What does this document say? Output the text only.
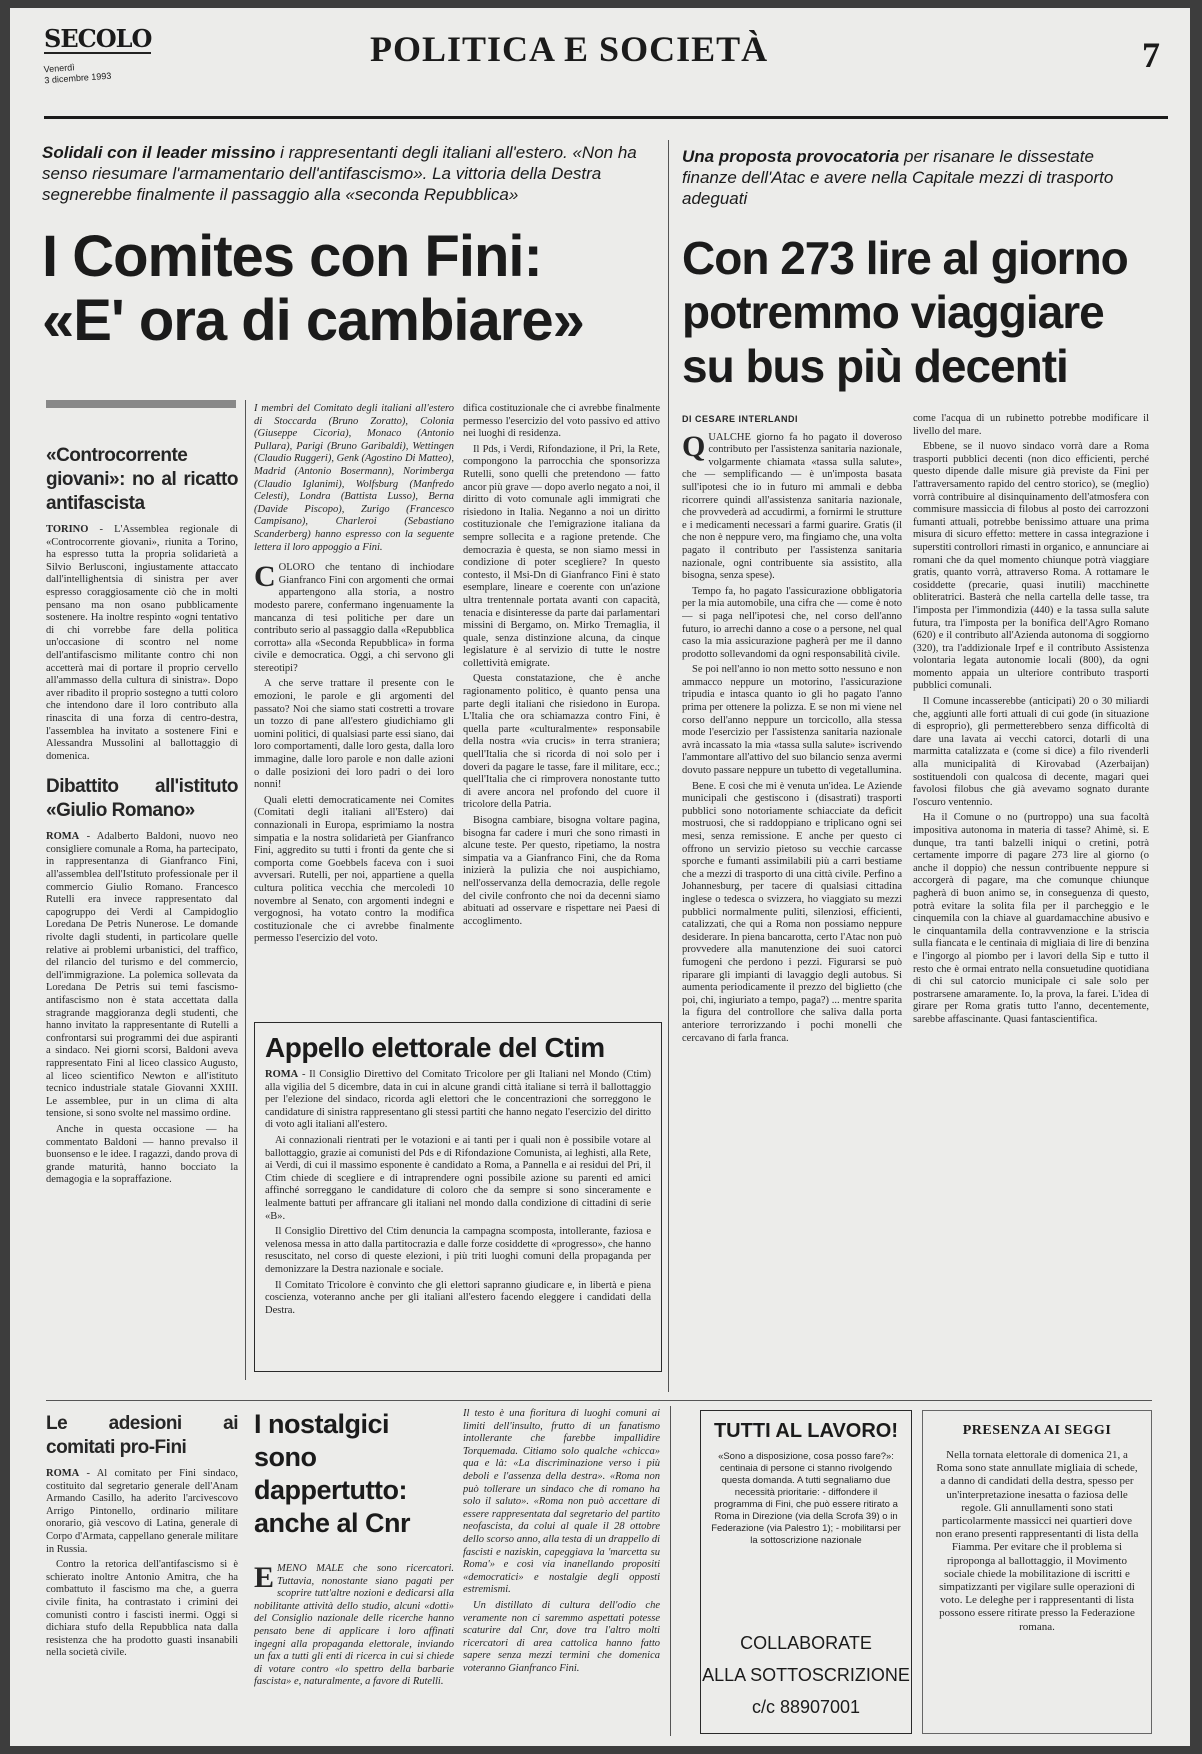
SECOLO
Venerdì
3 dicembre 1993
POLITICA E SOCIETÀ	7
Solidali con il leader missino i rappresentanti degli italiani all'estero. «Non ha senso riesumare l'armamentario dell'antifascismo». La vittoria della Destra segnerebbe finalmente il passaggio alla «seconda Repubblica»
I Comites con Fini:
«E' ora di cambiare»
Una proposta provocatoria per risanare le dissestate finanze dell'Atac e avere nella Capitale mezzi di trasporto adeguati
Con 273 lire al giorno
potremmo viaggiare
su bus più decenti
«Controcorrente giovani»: no al ricatto antifascista

TORINO - L'Assemblea regionale di «Controcorrente giovani», riunita a Torino, ha espresso tutta la propria solidarietà a Silvio Berlusconi, ingiustamente attaccato dall'intellighentsia di sinistra per aver espresso coraggiosamente ciò che in molti pensano ma non osano pubblicamente sostenere. Ha inoltre respinto «ogni tentativo di chi vorrebbe fare della politica un'occasione di scontro nel nome dell'antifascismo militante contro chi non accetterà mai di portare il proprio cervello all'ammasso della cultura di sinistra». Dopo aver ribadito il proprio sostegno a tutti coloro che intendono dare il loro contributo alla rinascita di una forza di centro-destra, l'assemblea ha invitato a sostenere Fini e Alessandra Mussolini al ballottaggio di domenica.

Dibattito all'istituto «Giulio Romano»

ROMA - Adalberto Baldoni, nuovo neo consigliere comunale a Roma, ha partecipato, in rappresentanza di Gianfranco Fini, all'assemblea dell'Istituto professionale per il commercio Giulio Romano. Francesco Rutelli era invece rappresentato dal capogruppo dei Verdi al Campidoglio Loredana De Petris Nunerose. Le domande rivolte dagli studenti, in particolare quelle relative ai problemi urbanistici, del traffico, del rilancio del turismo e del commercio, dell'immigrazione. La polemica sollevata da Loredana De Petris sui temi fascismo-antifascismo non è stata accettata dalla stragrande maggioranza degli studenti, che hanno invitato la rappresentante di Rutelli a confrontarsi sui programmi dei due aspiranti a sindaco. Nei giorni scorsi, Baldoni aveva rappresentato Fini al liceo classico Augusto, al liceo scientifico Newton e all'istituto tecnico industriale statale Giovanni XXIII. Le assemblee, pur in un clima di alta tensione, si sono svolte nel massimo ordine.

Anche in questa occasione — ha commentato Baldoni — hanno prevalso il buonsenso e le idee. I ragazzi, dando prova di grande maturità, hanno bocciato la demagogia e la sopraffazione.

I membri del Comitato degli italiani all'estero di Stoccarda (Bruno Zoratto), Colonia (Giuseppe Cicoria), Monaco (Antonio Pullara), Parigi (Bruno Garibaldi), Wettingen (Claudio Ruggeri), Genk (Agostino Di Matteo), Madrid (Antonio Bosermann), Norimberga (Claudio Iglanimi), Wolfsburg (Manfredo Celesti), Londra (Battista Lusso), Berna (Davide Piscopo), Zurigo (Francesco Campisano), Charleroi (Sebastiano Scanderberg) hanno espresso con la seguente lettera il loro appoggio a Fini.

COLORO che tentano di inchiodare Gianfranco Fini con argomenti che ormai appartengono alla storia, a nostro modesto parere, confermano ingenuamente la mancanza di tesi politiche per dare un contributo serio al passaggio dalla «Repubblica corrotta» alla «Seconda Repubblica» in forma civile e democratica. Oggi, a chi servono gli stereotipi?

A che serve trattare il presente con le emozioni, le parole e gli argomenti del passato? Noi che siamo stati costretti a trovare un tozzo di pane all'estero giudichiamo gli uomini politici, di qualsiasi parte essi siano, dai loro comportamenti, dalle loro gesta, dalla loro immagine, dalle loro parole e non dalle azioni o dalle posizioni dei loro padri o dei loro nonni!

Quali eletti democraticamente nei Comites (Comitati degli italiani all'Estero) dai connazionali in Europa, esprimiamo la nostra simpatia e la nostra solidarietà per Gianfranco Fini, aggredito su tutti i fronti da gente che si comporta come Goebbels faceva con i suoi avversari. Rutelli, per noi, appartiene a quella cultura politica vecchia che mercoledì 10 novembre al Senato, con argomenti indegni e vergognosi, ha votato contro la modifica costituzionale che ci avrebbe finalmente permesso l'esercizio del voto.

difica costituzionale che ci avrebbe finalmente permesso l'esercizio del voto passivo ed attivo nei luoghi di residenza.

Il Pds, i Verdi, Rifondazione, il Pri, la Rete, compongono la parrocchia che sponsorizza Rutelli, sono quelli che pretendono — fatto ancor più grave — dopo averlo negato a noi, il diritto di voto comunale agli immigrati che risiedono in Italia. Neganno a noi un diritto costituzionale che l'emigrazione italiana da sempre sollecita e a ragione pretende. Che democrazia è questa, se non siamo messi in condizione di poter scegliere? In questo contesto, il Msi-Dn di Gianfranco Fini è stato esemplare, lineare e coerente con un'azione ultra trentennale portata avanti con capacità, tenacia e disinteresse da parte dai parlamentari missini di Bergamo, on. Mirko Tremaglia, il quale, senza distinzione alcuna, da cinque legislature è al servizio di tutte le nostre collettività emigrate.

Questa constatazione, che è anche ragionamento politico, è quanto pensa una parte degli italiani che risiedono in Europa. L'Italia che ora schiamazza contro Fini, è quella parte «culturalmente» responsabile della nostra «via crucis» in terra straniera; quell'Italia che si ricorda di noi solo per i doveri da pagare le tasse, fare il militare, ecc.; quell'Italia che ci rimprovera nonostante tutto di avere ancora nel profondo del cuore il tricolore della Patria.

Bisogna cambiare, bisogna voltare pagina, bisogna far cadere i muri che sono rimasti in alcune teste. Per questo, ripetiamo, la nostra simpatia va a Gianfranco Fini, che da Roma inizierà la pulizia che noi auspichiamo, nell'osservanza della democrazia, delle regole del civile confronto che noi da decenni siamo abituati ad osservare e rispettare nei Paesi di accoglimento.

Appello elettorale del Ctim

ROMA - Il Consiglio Direttivo del Comitato Tricolore per gli Italiani nel Mondo (Ctim) alla vigilia del 5 dicembre, data in cui in alcune grandi città italiane si terrà il ballottaggio per l'elezione del sindaco, ricorda agli elettori che le concentrazioni che sorreggono le candidature di sinistra rappresentano gli stessi partiti che hanno negato l'esercizio del diritto di voto agli italiani all'estero.

Ai connazionali rientrati per le votazioni e ai tanti per i quali non è possibile votare al ballottaggio, grazie ai comunisti del Pds e di Rifondazione Comunista, ai leghisti, alla Rete, ai Verdi, di cui il massimo esponente è candidato a Roma, a Pannella e ai residui del Pri, il Ctim chiede di scegliere e di intraprendere ogni possibile azione su parenti ed amici affinché sorreggano le candidature di coloro che da sempre si sono sinceramente e lealmente battuti per affrancare gli italiani nel mondo dalla condizione di cittadini di serie «B».

Il Consiglio Direttivo del Ctim denuncia la campagna scomposta, intollerante, faziosa e velenosa messa in atto dalla partitocrazia e dalle forze cosiddette di «progresso», che hanno resuscitato, nel corso di queste elezioni, i più triti luoghi comuni della propaganda per demonizzare la Destra nazionale e sociale.

Il Comitato Tricolore è convinto che gli elettori sapranno giudicare e, in libertà e piena coscienza, voteranno anche per gli italiani all'estero facendo eleggere i candidati della Destra.

DI CESARE INTERLANDI

QUALCHE giorno fa ho pagato il doveroso contributo per l'assistenza sanitaria nazionale, volgarmente chiamata «tassa sulla salute», che — semplificando — è un'imposta basata sull'ipotesi che io in futuro mi ammali e debba ricorrere quindi all'assistenza sanitaria nazionale, che provvederà ad accudirmi, a fornirmi le strutture e i medicamenti necessari a farmi guarire. Gratis (il che non è neppure vero, ma fingiamo che, una volta pagato il contributo per l'assistenza sanitaria nazionale, ogni contribuente sia assistito, alla bisogna, senza spese).

Tempo fa, ho pagato l'assicurazione obbligatoria per la mia automobile, una cifra che — come è noto — si paga nell'ipotesi che, nel corso dell'anno futuro, io arrechi danno a cose o a persone, nel qual caso la mia assicurazione pagherà per me il danno prodotto sollevandomi da ogni responsabilità civile.

Se poi nell'anno io non metto sotto nessuno e non ammacco neppure un motorino, l'assicurazione tripudia e intasca quanto io gli ho pagato l'anno prima per ottenere la polizza. E se non mi viene nel corso dell'anno neppure un torcicollo, alla stessa mode l'esercizio per l'assistenza sanitaria nazionale avrà incassato la mia «tassa sulla salute» iscrivendo l'ammontare all'attivo del suo bilancio senza avermi dovuto passare neppure un tubetto di vegetallumina.

Bene. E così che mi è venuta un'idea. Le Aziende municipali che gestiscono i (disastrati) trasporti pubblici sono notoriamente schiacciate da deficit mostruosi, che si raddoppiano e triplicano ogni sei mesi, senza remissione. E anche per questo ci offrono un servizio pietoso su vecchie carcasse sporche e fumanti assimilabili più a carri bestiame che a mezzi di trasporto di una città civile. Perfino a Johannesburg, per tacere di qualsiasi cittadina inglese o tedesca o svizzera, ho viaggiato su mezzi pubblici normalmente puliti, silenziosi, efficienti, catalizzati, che qui a Roma non possiamo neppure desiderare. In piena bancarotta, certo l'Atac non può provvedere alla manutenzione dei suoi catorci fumogeni che perdono i pezzi. Figurarsi se può riparare gli impianti di lavaggio degli autobus. Si aumenta periodicamente il prezzo del biglietto (che poi, chi, ingiuriato a tempo, paga?) ... mentre sparita la figura del controllore che saliva dalla porta anteriore terrorizzando i pochi monelli che cercavano di farla franca.

come l'acqua di un rubinetto potrebbe modificare il livello del mare.

Ebbene, se il nuovo sindaco vorrà dare a Roma trasporti pubblici decenti (non dico efficienti, perché questo dipende dalle misure già previste da Fini per l'attraversamento rapido del centro storico), se (meglio) vorrà contribuire al disinquinamento dell'atmosfera con commisure massiccia di filobus al posto dei carrozzoni fumanti attuali, potrebbe benissimo attuare una prima misura di sicuro effetto: mettere in cassa integrazione i superstiti controllori rimasti in organico, e annunciare ai romani che da quel momento chiunque potrà viaggiare gratis, quanto vorrà, attraverso Roma. A rottamare le cosiddette (precarie, quasi inutili) macchinette obliteratrici. Basterà che nella cartella delle tasse, tra l'imposta per l'immondizia (440) e la tassa sulla salute futura, tra l'imposta per la bonifica dell'Agro Romano (620) e il contributo all'Azienda autonoma di soggiorno (320), tra l'addizionale Irpef e il contributo Assistenza volontaria legata autonomie locali (800), da ogni momento appaia un ulteriore contributo trasporti pubblici comunali.

Il Comune incasserebbe (anticipati) 20 o 30 miliardi che, aggiunti alle forti attuali di cui gode (in situazione di esproprio), gli permetterebbero senza difficoltà di dare una lavata ai vecchi catorci, dotarli di una marmitta catalizzata e (come si dice) a filo rivenderli alla municipalità di Kirovabad (Azerbaijan) sostituendoli con qualcosa di decente, magari quei favolosi filobus che già avevamo sognato durante l'oscuro ventennio.

Ha il Comune o no (purtroppo) una sua facoltà impositiva autonoma in materia di tasse? Ahimè, sì. E dunque, tra tanti balzelli iniqui o cretini, potrà certamente imporre di pagare 273 lire al giorno (o anche il doppio) che nessun contribuente neppure si accorgerà di pagare, ma che comunque chiunque pagherà di buon animo se, in conseguenza di questo, potrà evitare la solita fila per il parcheggio e le cinquemila con la chiave al guardamacchine abusivo e le cinquantamila della contravvenzione e la striscia sulla fiancata e le centinaia di migliaia di lire di benzina e l'ingorgo al piombo per i lavori della Sip e tutto il resto che è ormai entrato nella consuetudine quotidiana di chi sul catorcio municipale ci sale solo per postrarsene amaramente. Io, la prova, la farei. L'idea di girare per Roma gratis tutto l'anno, decentemente, sarebbe affascinante. Quasi fantascientifica.

Le adesioni ai comitati pro-Fini

ROMA - Al comitato per Fini sindaco, costituito dal segretario generale dell'Anam Armando Casillo, ha aderito l'arcivescovo Arrigo Pintonello, ordinario militare onorario, già vescovo di Latina, generale di Corpo d'Armata, cappellano generale militare in Russia.

Contro la retorica dell'antifascismo si è schierato inoltre Antonio Amitra, che ha combattuto il fascismo ma che, a guerra civile finita, ha contrastato i crimini dei comunisti contro i fascisti inermi. Oggi si dichiara stufo della Repubblica nata dalla resistenza che ha prodotto guasti insanabili nella società civile.

I nostalgici
sono
dappertutto:
anche al Cnr

EMENO MALE che sono ricercatori. Tuttavia, nonostante siano pagati per scoprire tutt'altre nozioni e dedicarsi alla nobilitante attività dello studio, alcuni «dotti» del Consiglio nazionale delle ricerche hanno pensato bene di applicare i loro affinati ingegni alla propaganda elettorale, inviando un fax a tutti gli enti di ricerca in cui si chiede di votare contro «lo spettro della barbarie fascista» e, naturalmente, a favore di Rutelli.

Il testo è una fioritura di luoghi comuni ai limiti dell'insulto, frutto di un fanatismo intollerante che farebbe impallidire Torquemada. Citiamo solo qualche «chicca» qua e là: «La discriminazione verso i più deboli e l'assenza della destra». «Roma non può tollerare un sindaco che di romano ha solo il saluto». «Roma non può accettare di essere rappresentata dal segretario del partito neofascista, da colui al quale il 28 ottobre dello scorso anno, alla testa di un drappello di fascisti e naziskin, capeggiava la 'marcetta su Roma'» e così via inanellando propositi «democratici» e nostalgie degli opposti estremismi.

Un distillato di cultura dell'odio che veramente non ci saremmo aspettati potesse scaturire dal Cnr, dove tra l'altro molti ricercatori di area cattolica hanno fatto sapere senza mezzi termini che domenica voteranno Gianfranco Fini.

TUTTI AL LAVORO!

«Sono a disposizione, cosa posso fare?»: centinaia di persone ci stanno rivolgendo questa domanda. A tutti segnaliamo due necessità prioritarie: - diffondere il programma di Fini, che può essere ritirato a Roma in Direzione (via della Scrofa 39) o in Federazione (via Palestro 1); - mobilitarsi per la sottoscrizione nazionale

COLLABORATE
ALLA SOTTOSCRIZIONE
c/c 88907001
PRESENZA AI SEGGI

Nella tornata elettorale di domenica 21, a Roma sono state annullate migliaia di schede, a danno di candidati della destra, spesso per un'interpretazione inesatta o faziosa delle regole. Gli annullamenti sono stati particolarmente massicci nei quartieri dove non erano presenti rappresentanti di lista della Fiamma. Per evitare che il problema si riproponga al ballottaggio, il Movimento sociale chiede la mobilitazione di iscritti e simpatizzanti per vigilare sulle operazioni di voto. Le deleghe per i rappresentanti di lista possono essere ritirate presso la Federazione romana.
